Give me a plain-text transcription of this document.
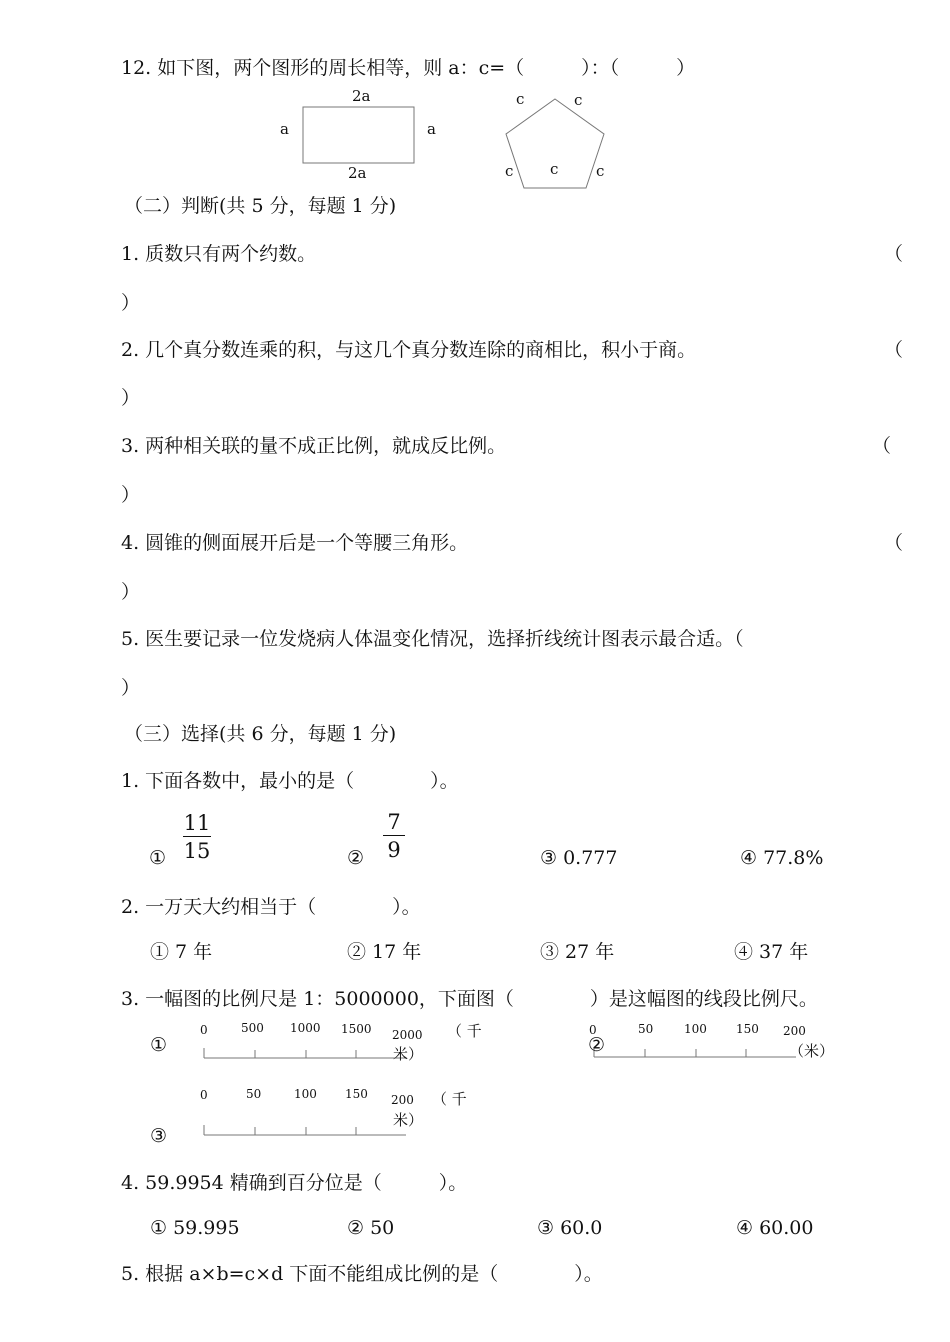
12. 如下图，两个图形的周长相等，则 a：c=（　　　）：（　　　）
2a
2a
a	a
c	c
c c	c
（二）判断(共 5 分，每题 1 分)
1. 质数只有两个约数。	（
）
2. 几个真分数连乘的积，与这几个真分数连除的商相比，积小于商。	（
）
3. 两种相关联的量不成正比例，就成反比例。	（
）
4. 圆锥的侧面展开后是一个等腰三角形。	（
）
5. 医生要记录一位发烧病人体温变化情况，选择折线统计图表示最合适。（
）
（三）选择(共 6 分，每题 1 分)
1. 下面各数中，最小的是（　　　　）。
①
11
15	②
7
9	③ 0.777	④ 77.8%
2. 一万天大约相当于（　　　　）。
① 7 年	② 17 年	③ 27 年	④ 37 年
3. 一幅图的比例尺是 1：5000000，下面图（　　　　）是这幅图的线段比例尺。
①
0	500 1000 1500 2000 （ 千
米）	②
0	50	100 150 200
（米）
③
0	50	100 150 200 （ 千
米）
4. 59.9954 精确到百分位是（　　　）。
① 59.995	② 50	③ 60.0	④ 60.00
5. 根据 a×b=c×d 下面不能组成比例的是（　　　　）。
